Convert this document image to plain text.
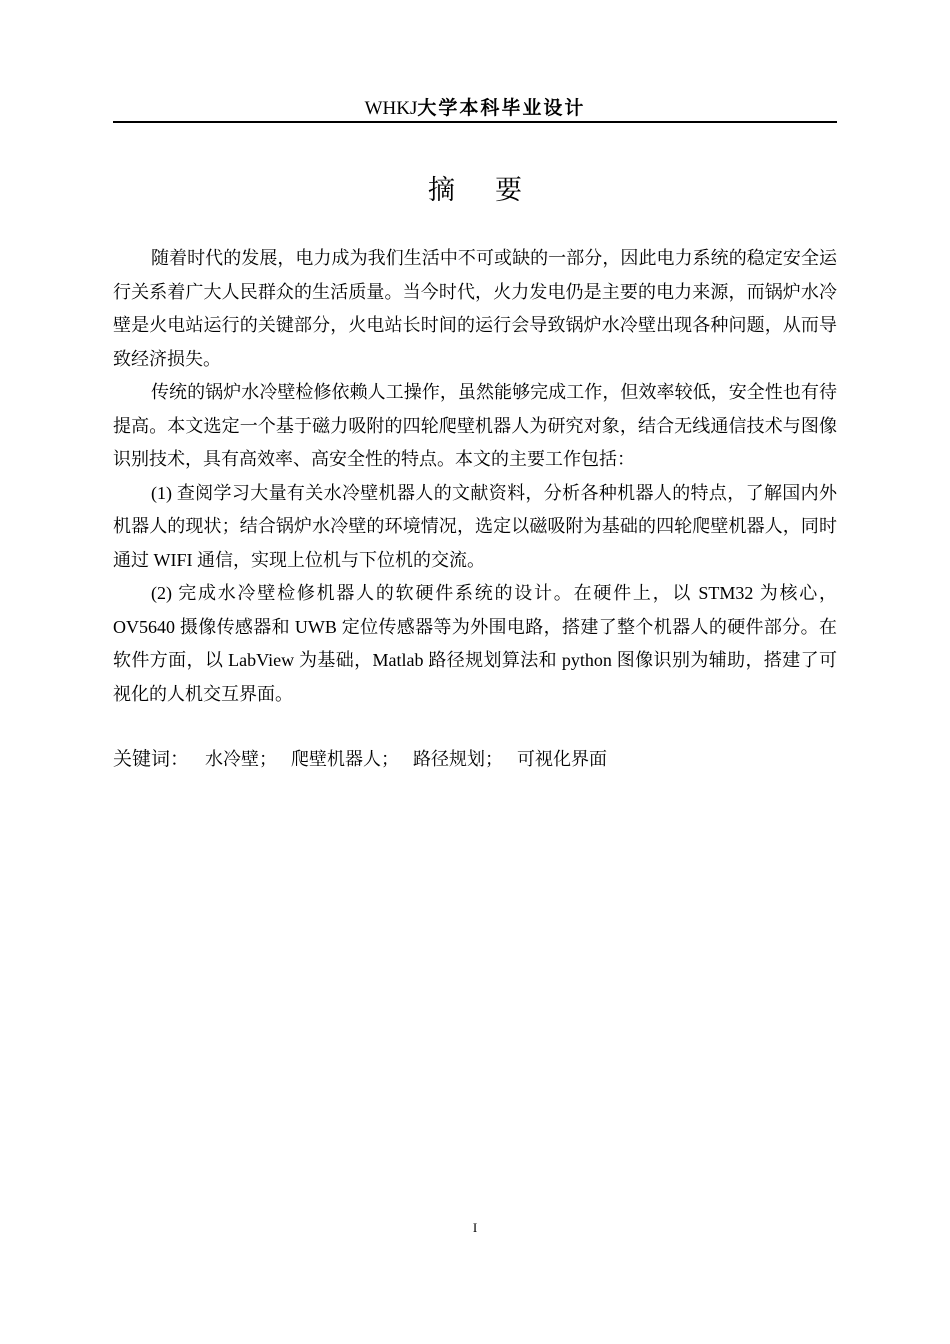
WHKJ大学本科毕业设计
摘要

随着时代的发展，电力成为我们生活中不可或缺的一部分，因此电力系统的稳定安全运行关系着广大人民群众的生活质量。当今时代，火力发电仍是主要的电力来源，而锅炉水冷壁是火电站运行的关键部分，火电站长时间的运行会导致锅炉水冷壁出现各种问题，从而导致经济损失。

传统的锅炉水冷壁检修依赖人工操作，虽然能够完成工作，但效率较低，安全性也有待提高。本文选定一个基于磁力吸附的四轮爬壁机器人为研究对象，结合无线通信技术与图像识别技术，具有高效率、高安全性的特点。本文的主要工作包括：

(1) 查阅学习大量有关水冷壁机器人的文献资料，分析各种机器人的特点，了解国内外机器人的现状；结合锅炉水冷壁的环境情况，选定以磁吸附为基础的四轮爬壁机器人，同时通过 WIFI 通信，实现上位机与下位机的交流。

(2) 完成水冷壁检修机器人的软硬件系统的设计。在硬件上，以 STM32 为核心，OV5640 摄像传感器和 UWB 定位传感器等为外围电路，搭建了整个机器人的硬件部分。在软件方面，以 LabView 为基础，Matlab 路径规划算法和 python 图像识别为辅助，搭建了可视化的人机交互界面。

关键词： 水冷壁； 爬壁机器人； 路径规划； 可视化界面
I
